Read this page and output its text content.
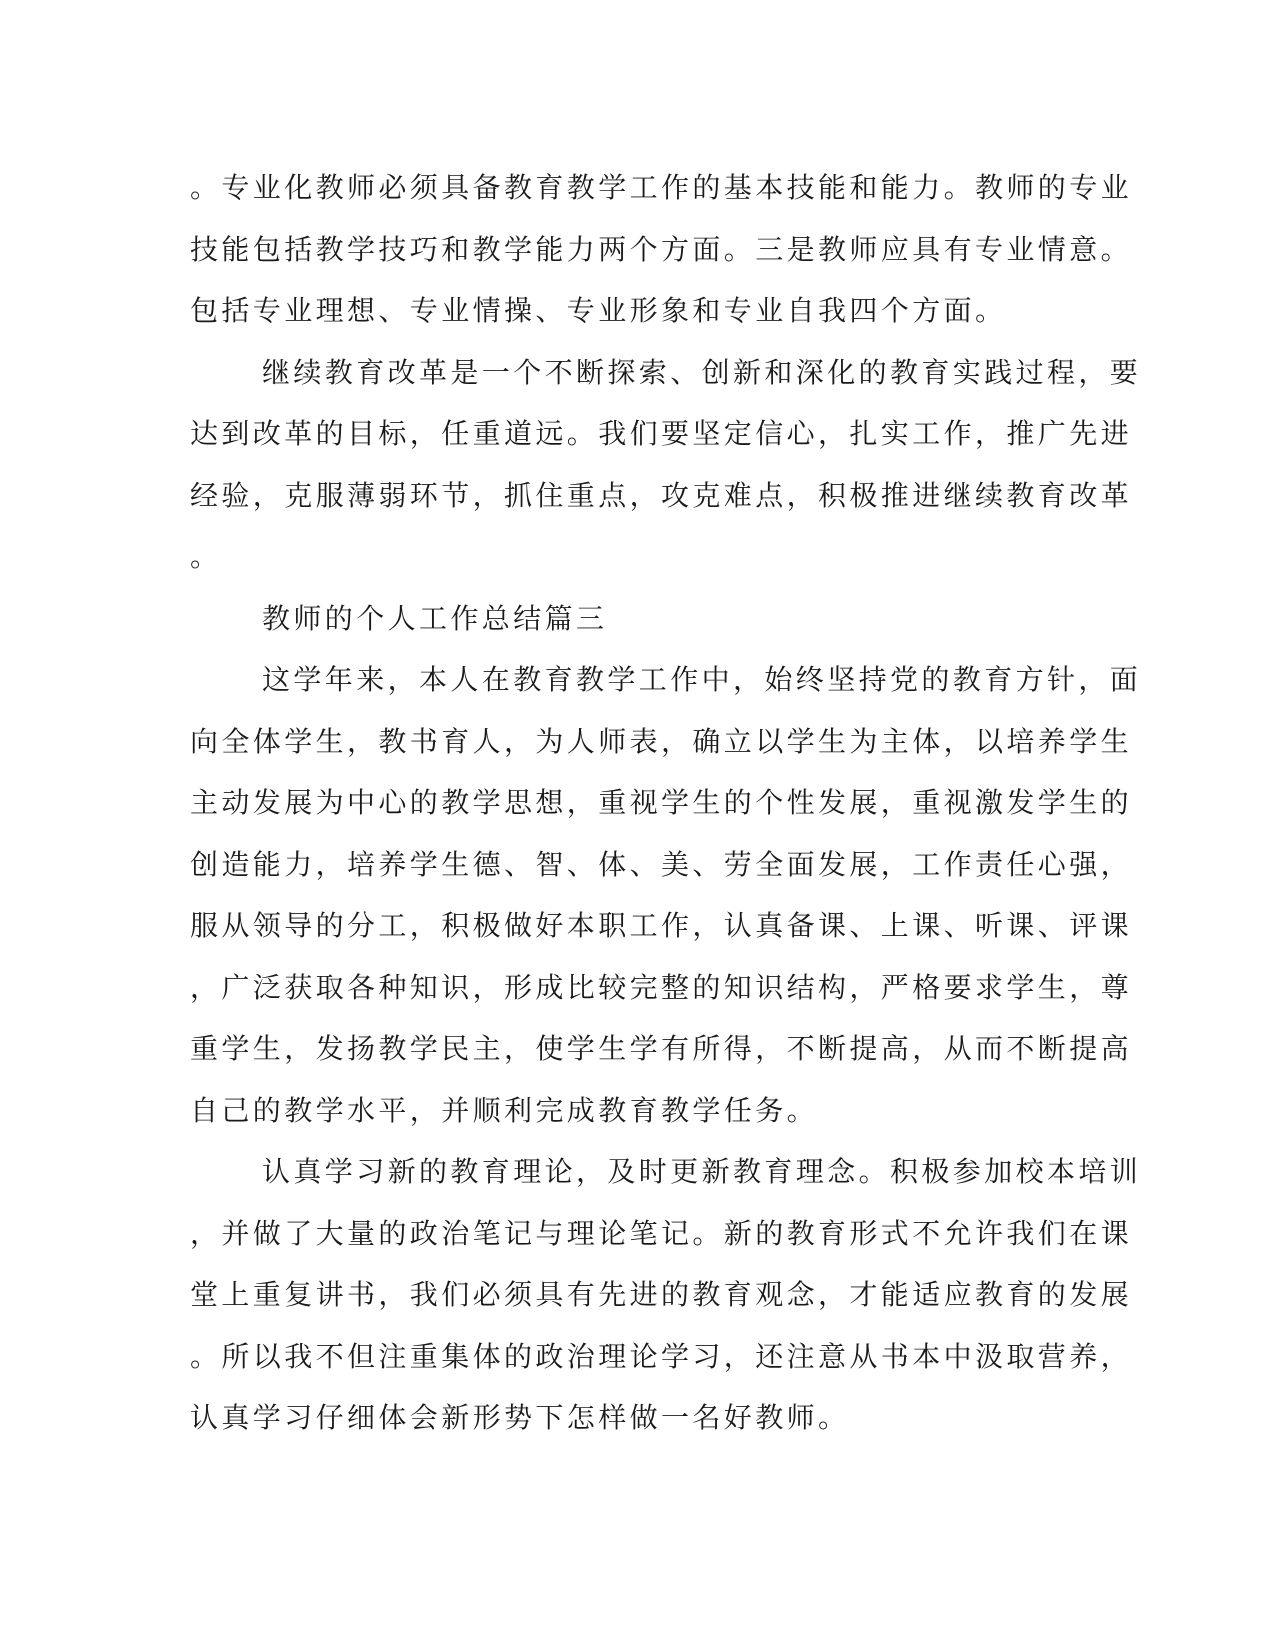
。专业化教师必须具备教育教学工作的基本技能和能力。教师的专业
技能包括教学技巧和教学能力两个方面。三是教师应具有专业情意。
包括专业理想、专业情操、专业形象和专业自我四个方面。
继续教育改革是一个不断探索、创新和深化的教育实践过程，要
达到改革的目标，任重道远。我们要坚定信心，扎实工作，推广先进
经验，克服薄弱环节，抓住重点，攻克难点，积极推进继续教育改革
。
教师的个人工作总结篇三
这学年来，本人在教育教学工作中，始终坚持党的教育方针，面
向全体学生，教书育人，为人师表，确立以学生为主体，以培养学生
主动发展为中心的教学思想，重视学生的个性发展，重视激发学生的
创造能力，培养学生德、智、体、美、劳全面发展，工作责任心强，
服从领导的分工，积极做好本职工作，认真备课、上课、听课、评课
，广泛获取各种知识，形成比较完整的知识结构，严格要求学生，尊
重学生，发扬教学民主，使学生学有所得，不断提高，从而不断提高
自己的教学水平，并顺利完成教育教学任务。
认真学习新的教育理论，及时更新教育理念。积极参加校本培训
，并做了大量的政治笔记与理论笔记。新的教育形式不允许我们在课
堂上重复讲书，我们必须具有先进的教育观念，才能适应教育的发展
。所以我不但注重集体的政治理论学习，还注意从书本中汲取营养，
认真学习仔细体会新形势下怎样做一名好教师。
